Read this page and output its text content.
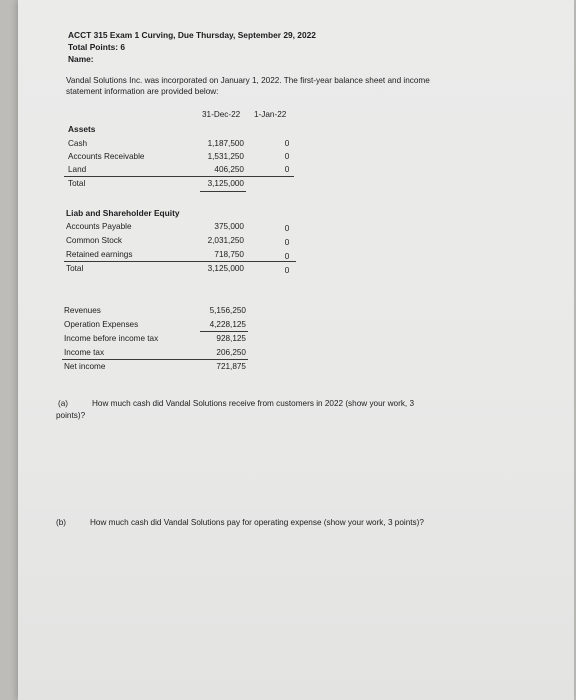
ACCT 315 Exam 1 Curving, Due Thursday, September 29, 2022
Total Points: 6
Name:
Vandal Solutions Inc. was incorporated on January 1, 2022. The first-year balance sheet and income
statement information are provided below:
31-Dec-22 1-Jan-22
Assets
Cash	1,187,500	0
Accounts Receivable	1,531,250	0
Land	406,250	0
Total	3,125,000
Liab and Shareholder Equity
Accounts Payable	375,000	0
Common Stock	2,031,250	0
Retained earnings	718,750	0
Total	3,125,000	0
Revenues	5,156,250
Operation Expenses	4,228,125
Income before income tax	928,125
Income tax	206,250
Net income	721,875
(a)	How much cash did Vandal Solutions receive from customers in 2022 (show your work, 3
points)?
(b)	How much cash did Vandal Solutions pay for operating expense (show your work, 3 points)?
